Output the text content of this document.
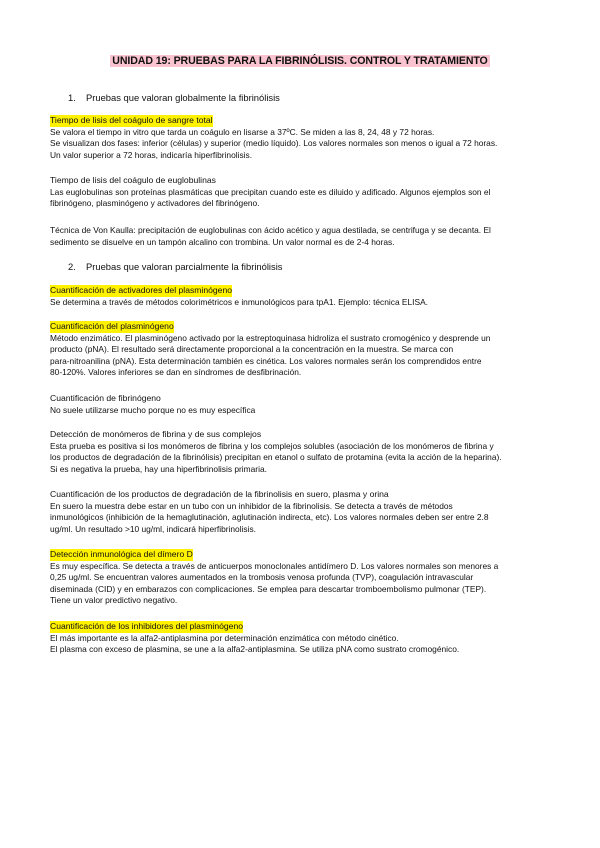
UNIDAD 19: PRUEBAS PARA LA FIBRINÓLISIS. CONTROL Y TRATAMIENTO
1. Pruebas que valoran globalmente la fibrinólisis
Tiempo de lisis del coágulo de sangre total

Se valora el tiempo in vitro que tarda un coágulo en lisarse a 37ºC. Se miden a las 8, 24, 48 y 72 horas.

Se visualizan dos fases: inferior (células) y superior (medio líquido). Los valores normales son menos o igual a 72 horas.

Un valor superior a 72 horas, indicaría hiperfibrinolisis.

Tiempo de lisis del coágulo de euglobulinas

Las euglobulinas son proteínas plasmáticas que precipitan cuando este es diluido y adificado. Algunos ejemplos son el

fibrinógeno, plasminógeno y activadores del fibrinógeno.

Técnica de Von Kaulla: precipitación de euglobulinas con ácido acético y agua destilada, se centrifuga y se decanta. El

sedimento se disuelve en un tampón alcalino con trombina. Un valor normal es de 2-4 horas.

2. Pruebas que valoran parcialmente la fibrinólisis
Cuantificación de activadores del plasminógeno

Se determina a través de métodos colorimétricos e inmunológicos para tpA1. Ejemplo: técnica ELISA.

Cuantificación del plasminógeno

Método enzimático. El plasminógeno activado por la estreptoquinasa hidroliza el sustrato cromogénico y desprende un

producto (pNA). El resultado será directamente proporcional a la concentración en la muestra. Se marca con

para-nitroanilina (pNA). Esta determinación también es cinética. Los valores normales serán los comprendidos entre

80-120%. Valores inferiores se dan en síndromes de desfibrinación.

Cuantificación de fibrinógeno

No suele utilizarse mucho porque no es muy específica

Detección de monómeros de fibrina y de sus complejos

Esta prueba es positiva si los monómeros de fibrina y los complejos solubles (asociación de los monómeros de fibrina y

los productos de degradación de la fibrinólisis) precipitan en etanol o sulfato de protamina (evita la acción de la heparina).

Si es negativa la prueba, hay una hiperfibrinolisis primaria.

Cuantificación de los productos de degradación de la fibrinolisis en suero, plasma y orina

En suero la muestra debe estar en un tubo con un inhibidor de la fibrinolisis. Se detecta a través de métodos

inmunológicos (inhibición de la hemaglutinación, aglutinación indirecta, etc). Los valores normales deben ser entre 2.8

ug/ml. Un resultado >10 ug/ml, indicará hiperfibrinolisis.

Detección inmunológica del dímero D

Es muy específica. Se detecta a través de anticuerpos monoclonales antidímero D. Los valores normales son menores a

0,25 ug/ml. Se encuentran valores aumentados en la trombosis venosa profunda (TVP), coagulación intravascular

diseminada (CID) y en embarazos con complicaciones. Se emplea para descartar tromboembolismo pulmonar (TEP).

Tiene un valor predictivo negativo.

Cuantificación de los inhibidores del plasminógeno

El más importante es la alfa2-antiplasmina por determinación enzimática con método cinético.

El plasma con exceso de plasmina, se une a la alfa2-antiplasmina. Se utiliza pNA como sustrato cromogénico.
